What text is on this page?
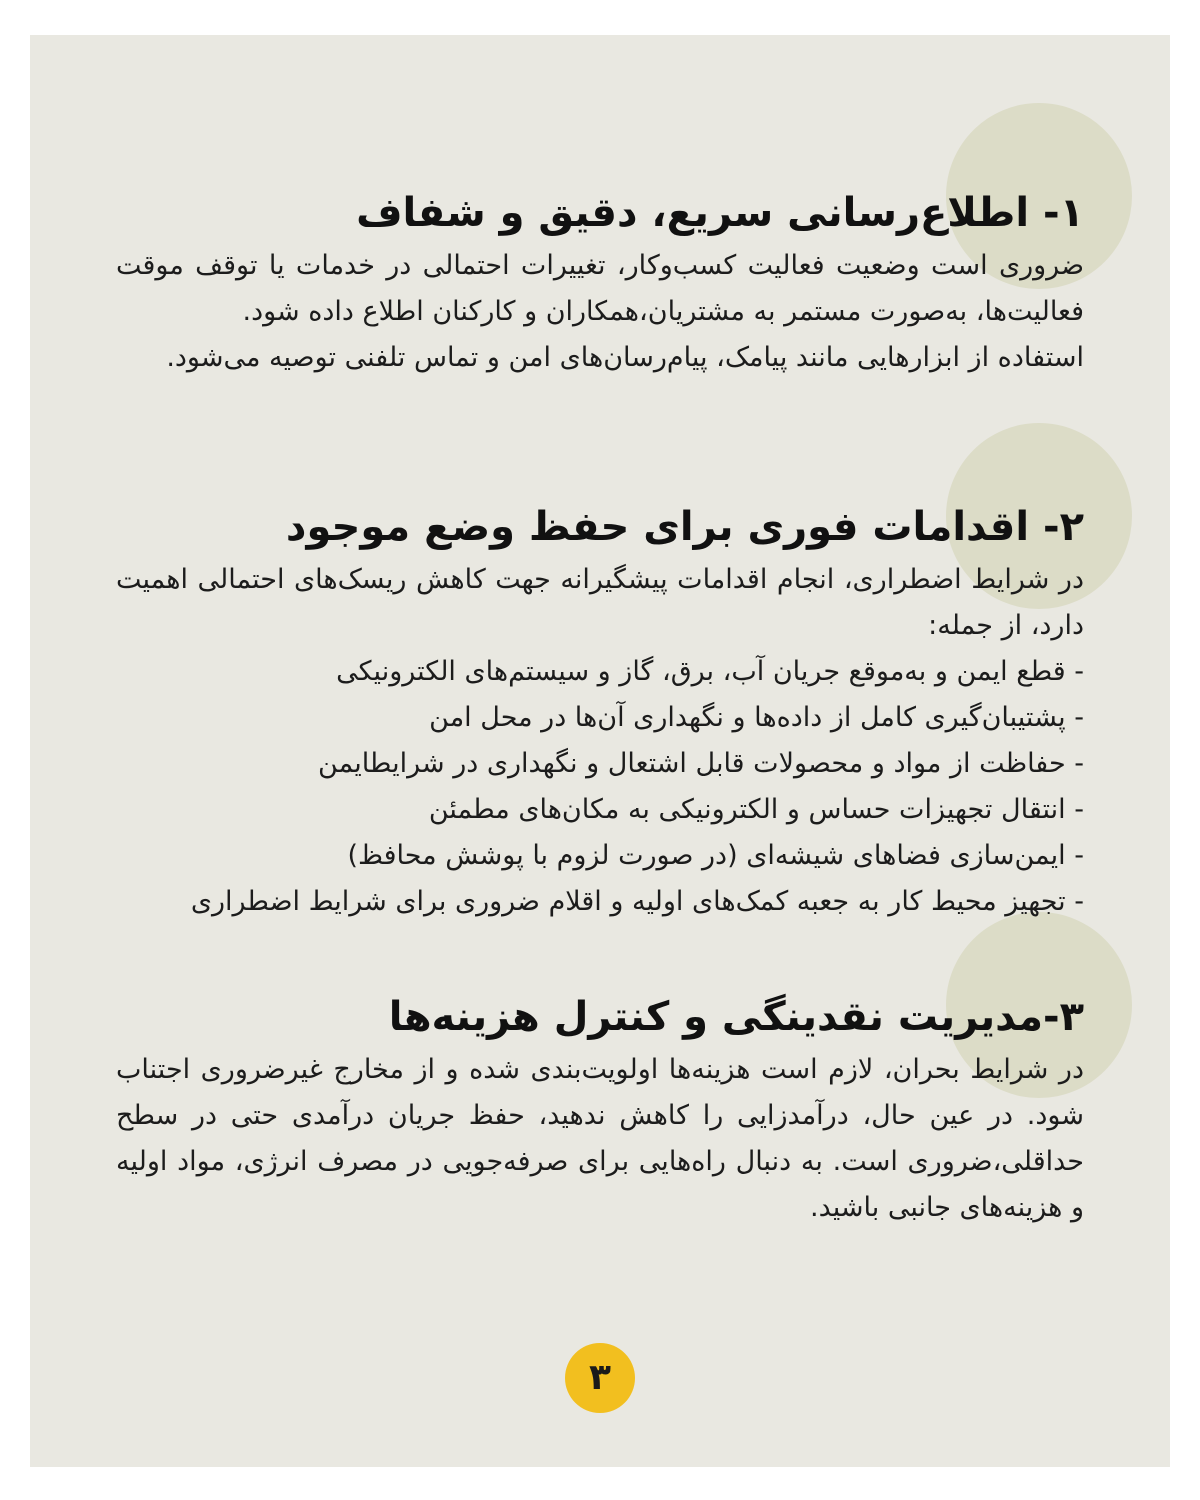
۱- اطلاع‌رسانی سریع، دقیق و شفاف

ضروری است وضعیت فعالیت کسب‌وکار، تغییرات احتمالی در خدمات یا توقف موقت فعالیت‌ها، به‌صورت مستمر به مشتریان،همکاران و کارکنان اطلاع داده شود.

استفاده از ابزارهایی مانند پیامک، پیام‌رسان‌های امن و تماس تلفنی توصیه می‌شود.

۲- اقدامات فوری برای حفظ وضع موجود

در شرایط اضطراری، انجام اقدامات پیشگیرانه جهت کاهش ریسک‌های احتمالی اهمیت دارد، از جمله:

- قطع ایمن و به‌موقع جریان آب، برق، گاز و سیستم‌های الکترونیکی
- پشتیبان‌گیری کامل از داده‌ها و نگهداری آن‌ها در محل امن
- حفاظت از مواد و محصولات قابل اشتعال و نگهداری در شرایطایمن
- انتقال تجهیزات حساس و الکترونیکی به مکان‌های مطمئن
- ایمن‌سازی فضاهای شیشه‌ای (در صورت لزوم با پوشش محافظ)
- تجهیز محیط کار به جعبه کمک‌های اولیه و اقلام ضروری برای شرایط اضطراری
۳-مدیریت نقدینگی و کنترل هزینه‌ها

در شرایط بحران، لازم است هزینه‌ها اولویت‌بندی شده و از مخارج غیرضروری اجتناب شود. در عین حال، درآمدزایی را کاهش ندهید، حفظ جریان درآمدی حتی در سطح حداقلی،ضروری است. به دنبال راه‌هایی برای صرفه‌جویی در مصرف انرژی، مواد اولیه و هزینه‌های جانبی باشید.

۳
